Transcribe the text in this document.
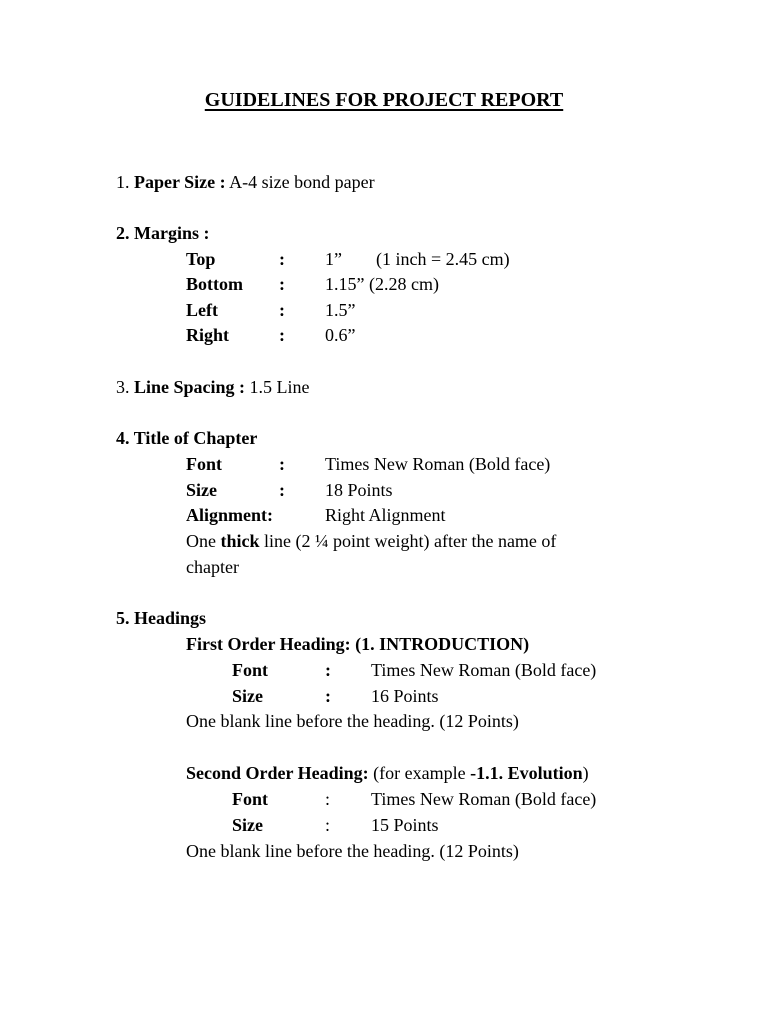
GUIDELINES FOR PROJECT REPORT
1. Paper Size : A-4 size bond paper
2. Margins :
Top	: 1” (1 inch = 2.45 cm)
Bottom : 1.15” (2.28 cm)
Left	: 1.5”
Right	: 0.6”
3. Line Spacing : 1.5 Line
4. Title of Chapter
Font	: Times New Roman (Bold face)
Size	: 18 Points
Alignment:	Right Alignment
One thick line (2 ¼ point weight) after the name of
chapter
5. Headings
First Order Heading: (1. INTRODUCTION)
Font	: Times New Roman (Bold face)
Size	: 16 Points
One blank line before the heading. (12 Points)
Second Order Heading: (for example -1.1. Evolution)
Font	: Times New Roman (Bold face)
Size	: 15 Points
One blank line before the heading. (12 Points)
